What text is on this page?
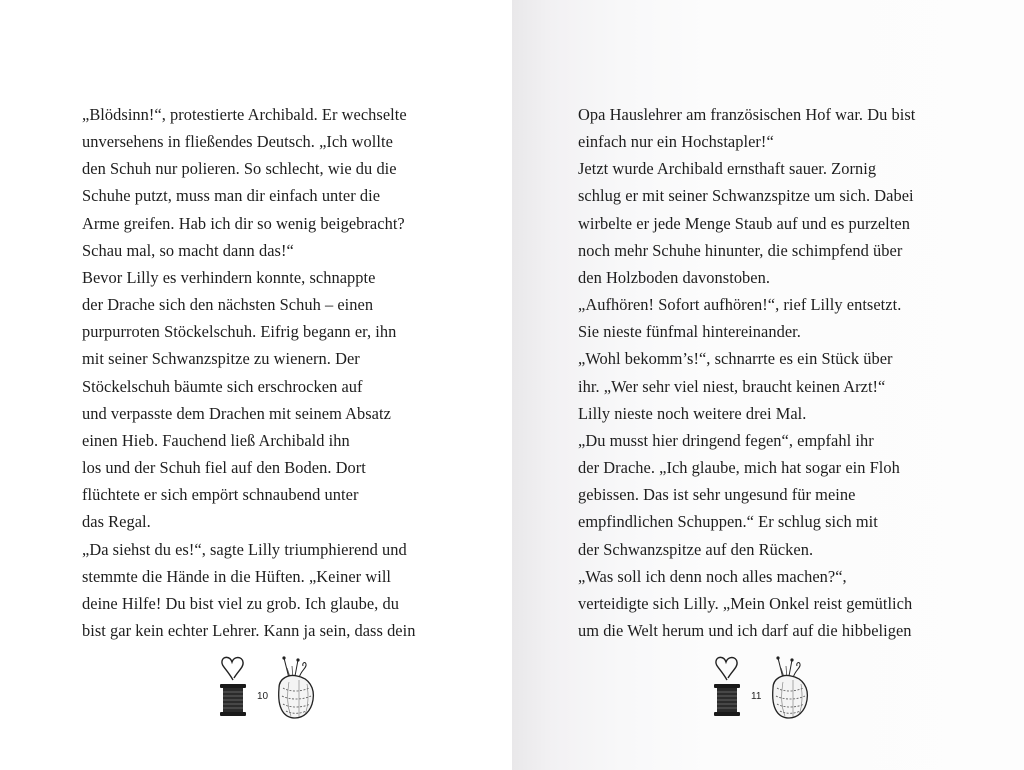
„Blödsinn!“, protestierte Archibald. Er wechselte
unversehens in fließendes Deutsch. „Ich wollte
den Schuh nur polieren. So schlecht, wie du die
Schuhe putzt, muss man dir einfach unter die
Arme greifen. Hab ich dir so wenig beigebracht?
Schau mal, so macht dann das!“
Bevor Lilly es verhindern konnte, schnappte
der Drache sich den nächsten Schuh – einen
purpurroten Stöckelschuh. Eifrig begann er, ihn
mit seiner Schwanzspitze zu wienern. Der
Stöckelschuh bäumte sich erschrocken auf
und verpasste dem Drachen mit seinem Absatz
einen Hieb. Fauchend ließ Archibald ihn
los und der Schuh fiel auf den Boden. Dort
flüchtete er sich empört schnaubend unter
das Regal.
„Da siehst du es!“, sagte Lilly triumphierend und
stemmte die Hände in die Hüften. „Keiner will
deine Hilfe! Du bist viel zu grob. Ich glaube, du
bist gar kein echter Lehrer. Kann ja sein, dass dein
10
Opa Hauslehrer am französischen Hof war. Du bist
einfach nur ein Hochstapler!“
Jetzt wurde Archibald ernsthaft sauer. Zornig
schlug er mit seiner Schwanzspitze um sich. Dabei
wirbelte er jede Menge Staub auf und es purzelten
noch mehr Schuhe hinunter, die schimpfend über
den Holzboden davonstoben.
„Aufhören! Sofort aufhören!“, rief Lilly entsetzt.
Sie nieste fünfmal hintereinander.
„Wohl bekomm’s!“, schnarrte es ein Stück über
ihr. „Wer sehr viel niest, braucht keinen Arzt!“
Lilly nieste noch weitere drei Mal.
„Du musst hier dringend fegen“, empfahl ihr
der Drache. „Ich glaube, mich hat sogar ein Floh
gebissen. Das ist sehr ungesund für meine
empfindlichen Schuppen.“ Er schlug sich mit
der Schwanzspitze auf den Rücken.
„Was soll ich denn noch alles machen?“,
verteidigte sich Lilly. „Mein Onkel reist gemütlich
um die Welt herum und ich darf auf die hibbeligen
11
